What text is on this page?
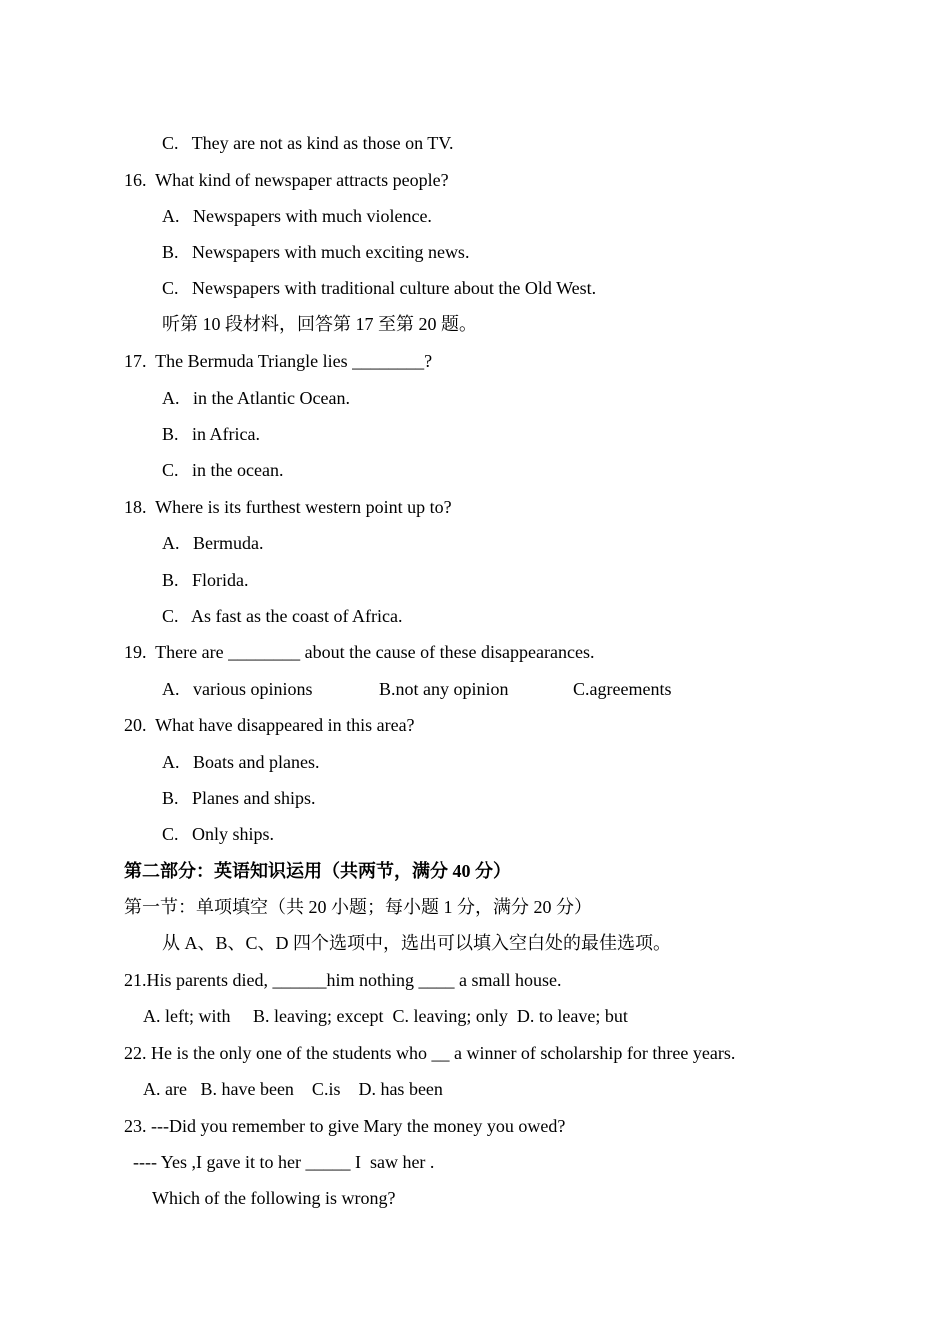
C.   They are not as kind as those on TV.
16.  What kind of newspaper attracts people?
A.   Newspapers with much violence.
B.   Newspapers with much exciting news.
C.   Newspapers with traditional culture about the Old West.
听第 10 段材料，回答第 17 至第 20 题。
17.  The Bermuda Triangle lies ________?
A.   in the Atlantic Ocean.
B.   in Africa.
C.   in the ocean.
18.  Where is its furthest western point up to?
A.   Bermuda.
B.   Florida.
C.   As fast as the coast of Africa.
19.  There are ________ about the cause of these disappearances.
A.   various opinions	B.not any opinion	C.agreements
20.  What have disappeared in this area?
A.   Boats and planes.
B.   Planes and ships.
C.   Only ships.
第二部分：英语知识运用（共两节，满分 40 分）
第一节：单项填空（共 20 小题；每小题 1 分，满分 20 分）
从 A、B、C、D 四个选项中，选出可以填入空白处的最佳选项。
21.His parents died, ______him nothing ____ a small house.
A. left; with     B. leaving; except  C. leaving; only  D. to leave; but
22. He is the only one of the students who __ a winner of scholarship for three years.
A. are   B. have been    C.is    D. has been
23. ---Did you remember to give Mary the money you owed?
---- Yes ,I gave it to her _____ I  saw her .
Which of the following is wrong?
